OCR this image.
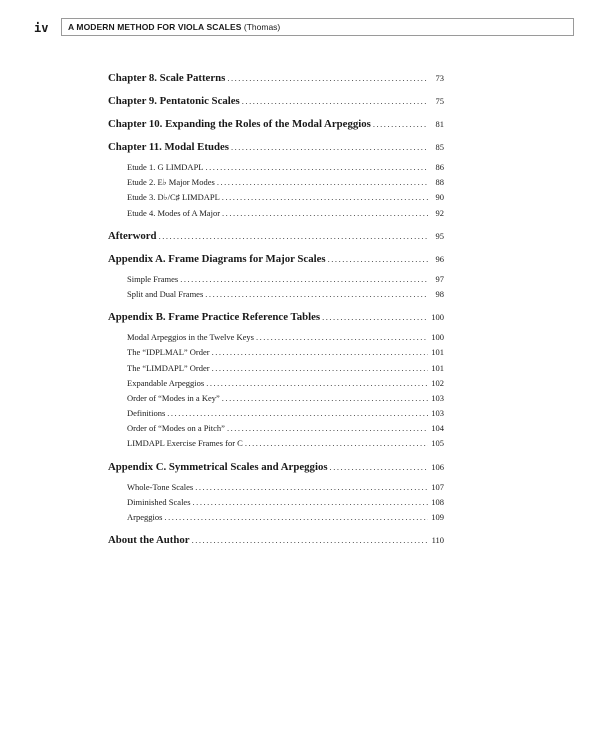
iv	A MODERN METHOD FOR VIOLA SCALES (Thomas)
Chapter 8. Scale Patterns . . .	73
Chapter 9. Pentatonic Scales . . .	75
Chapter 10. Expanding the Roles of the Modal Arpeggios . . .	81
Chapter 11. Modal Etudes . . .	85
Etude 1. G LIMDAPL . . .	86
Etude 2. E♭ Major Modes . . .	88
Etude 3. D♭/C♯ LIMDAPL . . .	90
Etude 4. Modes of A Major . . .	92
Afterword . . .	95
Appendix A. Frame Diagrams for Major Scales . . .	96
Simple Frames . . .	97
Split and Dual Frames . . .	98
Appendix B. Frame Practice Reference Tables . . .	100
Modal Arpeggios in the Twelve Keys . . .	100
The “IDPLMAL” Order . . .	101
The “LIMDAPL” Order . . .	101
Expandable Arpeggios . . .	102
Order of “Modes in a Key” . . .	103
Definitions . . .	103
Order of “Modes on a Pitch” . . .	104
LIMDAPL Exercise Frames for C . . .	105
Appendix C. Symmetrical Scales and Arpeggios . . .	106
Whole-Tone Scales . . .	107
Diminished Scales . . .	108
Arpeggios . . .	109
About the Author . . .	110
